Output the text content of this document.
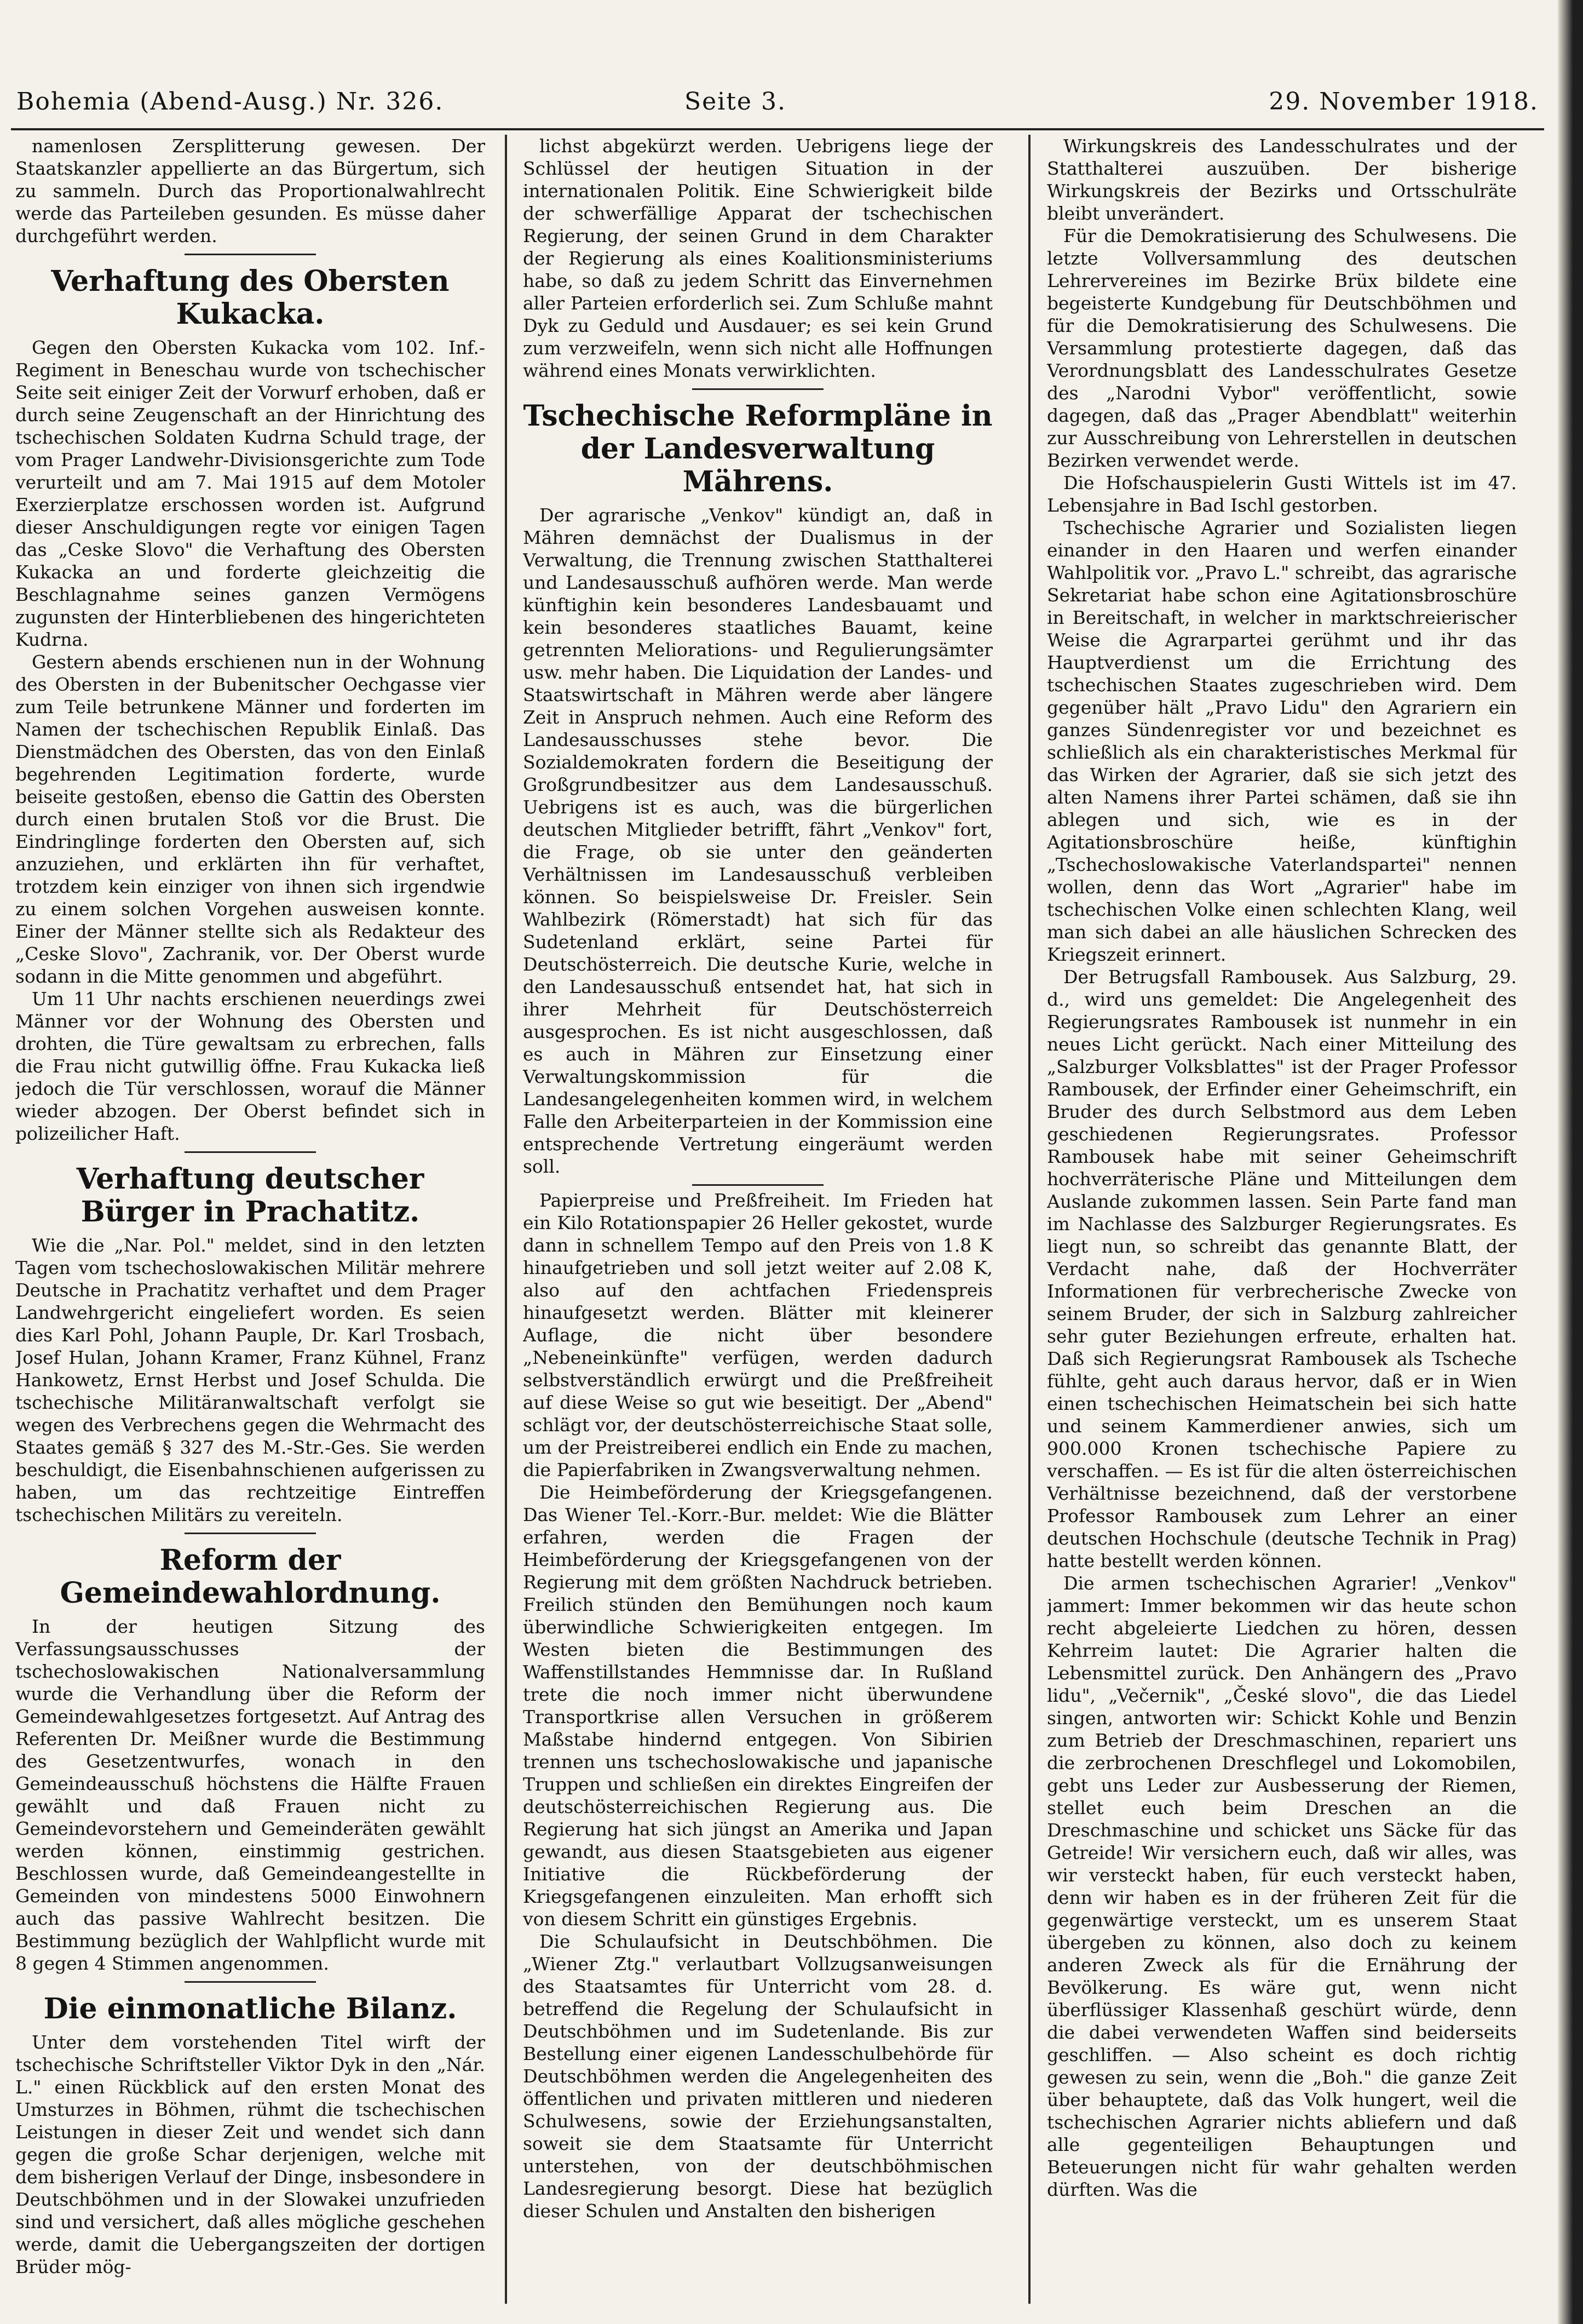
Bohemia (Abend-Ausg.) Nr. 326.	Seite 3.	29. November 1918.

namenlosen Zersplitterung gewesen. Der Staatskanzler appellierte an das Bürgertum, sich zu sammeln. Durch das Proportionalwahlrecht werde das Parteileben gesunden. Es müsse daher durchgeführt werden.

Verhaftung des Obersten Kukacka.

Gegen den Obersten Kukacka vom 102. Inf.-Regiment in Beneschau wurde von tschechischer Seite seit einiger Zeit der Vorwurf erhoben, daß er durch seine Zeugenschaft an der Hinrichtung des tschechischen Soldaten Kudrna Schuld trage, der vom Prager Landwehr-Divisionsgerichte zum Tode verurteilt und am 7. Mai 1915 auf dem Motoler Exerzierplatze erschossen worden ist. Aufgrund dieser Anschuldigungen regte vor einigen Tagen das „Ceske Slovo" die Verhaftung des Obersten Kukacka an und forderte gleichzeitig die Beschlagnahme seines ganzen Vermögens zugunsten der Hinterbliebenen des hingerichteten Kudrna.

Gestern abends erschienen nun in der Wohnung des Obersten in der Bubenitscher Oechgasse vier zum Teile betrunkene Männer und forderten im Namen der tschechischen Republik Einlaß. Das Dienstmädchen des Obersten, das von den Einlaß begehrenden Legitimation forderte, wurde beiseite gestoßen, ebenso die Gattin des Obersten durch einen brutalen Stoß vor die Brust. Die Eindringlinge forderten den Obersten auf, sich anzuziehen, und erklärten ihn für verhaftet, trotzdem kein einziger von ihnen sich irgendwie zu einem solchen Vorgehen ausweisen konnte. Einer der Männer stellte sich als Redakteur des „Ceske Slovo", Zachranik, vor. Der Oberst wurde sodann in die Mitte genommen und abgeführt.

Um 11 Uhr nachts erschienen neuerdings zwei Männer vor der Wohnung des Obersten und drohten, die Türe gewaltsam zu erbrechen, falls die Frau nicht gutwillig öffne. Frau Kukacka ließ jedoch die Tür verschlossen, worauf die Männer wieder abzogen. Der Oberst befindet sich in polizeilicher Haft.

Verhaftung deutscher Bürger in Prachatitz.

Wie die „Nar. Pol." meldet, sind in den letzten Tagen vom tschechoslowakischen Militär mehrere Deutsche in Prachatitz verhaftet und dem Prager Landwehrgericht eingeliefert worden. Es seien dies Karl Pohl, Johann Pauple, Dr. Karl Trosbach, Josef Hulan, Johann Kramer, Franz Kühnel, Franz Hankowetz, Ernst Herbst und Josef Schulda. Die tschechische Militäranwaltschaft verfolgt sie wegen des Verbrechens gegen die Wehrmacht des Staates gemäß § 327 des M.-Str.-Ges. Sie werden beschuldigt, die Eisenbahnschienen aufgerissen zu haben, um das rechtzeitige Eintreffen tschechischen Militärs zu vereiteln.

Reform der Gemeindewahlordnung.

In der heutigen Sitzung des Verfassungsausschusses der tschechoslowakischen Nationalversammlung wurde die Verhandlung über die Reform der Gemeindewahlgesetzes fortgesetzt. Auf Antrag des Referenten Dr. Meißner wurde die Bestimmung des Gesetzentwurfes, wonach in den Gemeindeausschuß höchstens die Hälfte Frauen gewählt und daß Frauen nicht zu Gemeindevorstehern und Gemeinderäten gewählt werden können, einstimmig gestrichen. Beschlossen wurde, daß Gemeindeangestellte in Gemeinden von mindestens 5000 Einwohnern auch das passive Wahlrecht besitzen. Die Bestimmung bezüglich der Wahlpflicht wurde mit 8 gegen 4 Stimmen angenommen.

Die einmonatliche Bilanz.

Unter dem vorstehenden Titel wirft der tschechische Schriftsteller Viktor Dyk in den „Nár. L." einen Rückblick auf den ersten Monat des Umsturzes in Böhmen, rühmt die tschechischen Leistungen in dieser Zeit und wendet sich dann gegen die große Schar derjenigen, welche mit dem bisherigen Verlauf der Dinge, insbesondere in Deutschböhmen und in der Slowakei unzufrieden sind und versichert, daß alles mögliche geschehen werde, damit die Uebergangszeiten der dortigen Brüder mög-

lichst abgekürzt werden. Uebrigens liege der Schlüssel der heutigen Situation in der internationalen Politik. Eine Schwierigkeit bilde der schwerfällige Apparat der tschechischen Regierung, der seinen Grund in dem Charakter der Regierung als eines Koalitionsministeriums habe, so daß zu jedem Schritt das Einvernehmen aller Parteien erforderlich sei. Zum Schluße mahnt Dyk zu Geduld und Ausdauer; es sei kein Grund zum verzweifeln, wenn sich nicht alle Hoffnungen während eines Monats verwirklichten.

Tschechische Reformpläne in der Landesverwaltung Mährens.

Der agrarische „Venkov" kündigt an, daß in Mähren demnächst der Dualismus in der Verwaltung, die Trennung zwischen Statthalterei und Landesausschuß aufhören werde. Man werde künftighin kein besonderes Landesbauamt und kein besonderes staatliches Bauamt, keine getrennten Meliorations- und Regulierungsämter usw. mehr haben. Die Liquidation der Landes- und Staatswirtschaft in Mähren werde aber längere Zeit in Anspruch nehmen. Auch eine Reform des Landesausschusses stehe bevor. Die Sozialdemokraten fordern die Beseitigung der Großgrundbesitzer aus dem Landesausschuß. Uebrigens ist es auch, was die bürgerlichen deutschen Mitglieder betrifft, fährt „Venkov" fort, die Frage, ob sie unter den geänderten Verhältnissen im Landesausschuß verbleiben können. So beispielsweise Dr. Freisler. Sein Wahlbezirk (Römerstadt) hat sich für das Sudetenland erklärt, seine Partei für Deutschösterreich. Die deutsche Kurie, welche in den Landesausschuß entsendet hat, hat sich in ihrer Mehrheit für Deutschösterreich ausgesprochen. Es ist nicht ausgeschlossen, daß es auch in Mähren zur Einsetzung einer Verwaltungskommission für die Landesangelegenheiten kommen wird, in welchem Falle den Arbeiterparteien in der Kommission eine entsprechende Vertretung eingeräumt werden soll.

Papierpreise und Preßfreiheit. Im Frieden hat ein Kilo Rotationspapier 26 Heller gekostet, wurde dann in schnellem Tempo auf den Preis von 1.8 K hinaufgetrieben und soll jetzt weiter auf 2.08 K, also auf den achtfachen Friedenspreis hinaufgesetzt werden. Blätter mit kleinerer Auflage, die nicht über besondere „Nebeneinkünfte" verfügen, werden dadurch selbstverständlich erwürgt und die Preßfreiheit auf diese Weise so gut wie beseitigt. Der „Abend" schlägt vor, der deutschösterreichische Staat solle, um der Preistreiberei endlich ein Ende zu machen, die Papierfabriken in Zwangsverwaltung nehmen.

Die Heimbeförderung der Kriegsgefangenen. Das Wiener Tel.-Korr.-Bur. meldet: Wie die Blätter erfahren, werden die Fragen der Heimbeförderung der Kriegsgefangenen von der Regierung mit dem größten Nachdruck betrieben. Freilich stünden den Bemühungen noch kaum überwindliche Schwierigkeiten entgegen. Im Westen bieten die Bestimmungen des Waffenstillstandes Hemmnisse dar. In Rußland trete die noch immer nicht überwundene Transportkrise allen Versuchen in größerem Maßstabe hindernd entgegen. Von Sibirien trennen uns tschechoslowakische und japanische Truppen und schließen ein direktes Eingreifen der deutschösterreichischen Regierung aus. Die Regierung hat sich jüngst an Amerika und Japan gewandt, aus diesen Staatsgebieten aus eigener Initiative die Rückbeförderung der Kriegsgefangenen einzuleiten. Man erhofft sich von diesem Schritt ein günstiges Ergebnis.

Die Schulaufsicht in Deutschböhmen. Die „Wiener Ztg." verlautbart Vollzugsanweisungen des Staatsamtes für Unterricht vom 28. d. betreffend die Regelung der Schulaufsicht in Deutschböhmen und im Sudetenlande. Bis zur Bestellung einer eigenen Landesschulbehörde für Deutschböhmen werden die Angelegenheiten des öffentlichen und privaten mittleren und niederen Schulwesens, sowie der Erziehungsanstalten, soweit sie dem Staatsamte für Unterricht unterstehen, von der deutschböhmischen Landesregierung besorgt. Diese hat bezüglich dieser Schulen und Anstalten den bisherigen

Wirkungskreis des Landesschulrates und der Statthalterei auszuüben. Der bisherige Wirkungskreis der Bezirks und Ortsschulräte bleibt unverändert.

Für die Demokratisierung des Schulwesens. Die letzte Vollversammlung des deutschen Lehrervereines im Bezirke Brüx bildete eine begeisterte Kundgebung für Deutschböhmen und für die Demokratisierung des Schulwesens. Die Versammlung protestierte dagegen, daß das Verordnungsblatt des Landesschulrates Gesetze des „Narodni Vybor" veröffentlicht, sowie dagegen, daß das „Prager Abendblatt" weiterhin zur Ausschreibung von Lehrerstellen in deutschen Bezirken verwendet werde.

Die Hofschauspielerin Gusti Wittels ist im 47. Lebensjahre in Bad Ischl gestorben.

Tschechische Agrarier und Sozialisten liegen einander in den Haaren und werfen einander Wahlpolitik vor. „Pravo L." schreibt, das agrarische Sekretariat habe schon eine Agitationsbroschüre in Bereitschaft, in welcher in marktschreierischer Weise die Agrarpartei gerühmt und ihr das Hauptverdienst um die Errichtung des tschechischen Staates zugeschrieben wird. Dem gegenüber hält „Pravo Lidu" den Agrariern ein ganzes Sündenregister vor und bezeichnet es schließlich als ein charakteristisches Merkmal für das Wirken der Agrarier, daß sie sich jetzt des alten Namens ihrer Partei schämen, daß sie ihn ablegen und sich, wie es in der Agitationsbroschüre heiße, künftighin „Tschechoslowakische Vaterlandspartei" nennen wollen, denn das Wort „Agrarier" habe im tschechischen Volke einen schlechten Klang, weil man sich dabei an alle häuslichen Schrecken des Kriegszeit erinnert.

Der Betrugsfall Rambousek. Aus Salzburg, 29. d., wird uns gemeldet: Die Angelegenheit des Regierungsrates Rambousek ist nunmehr in ein neues Licht gerückt. Nach einer Mitteilung des „Salzburger Volksblattes" ist der Prager Professor Rambousek, der Erfinder einer Geheimschrift, ein Bruder des durch Selbstmord aus dem Leben geschiedenen Regierungsrates. Professor Rambousek habe mit seiner Geheimschrift hochverräterische Pläne und Mitteilungen dem Auslande zukommen lassen. Sein Parte fand man im Nachlasse des Salzburger Regierungsrates. Es liegt nun, so schreibt das genannte Blatt, der Verdacht nahe, daß der Hochverräter Informationen für verbrecherische Zwecke von seinem Bruder, der sich in Salzburg zahlreicher sehr guter Beziehungen erfreute, erhalten hat. Daß sich Regierungsrat Rambousek als Tscheche fühlte, geht auch daraus hervor, daß er in Wien einen tschechischen Heimatschein bei sich hatte und seinem Kammerdiener anwies, sich um 900.000 Kronen tschechische Papiere zu verschaffen. — Es ist für die alten österreichischen Verhältnisse bezeichnend, daß der verstorbene Professor Rambousek zum Lehrer an einer deutschen Hochschule (deutsche Technik in Prag) hatte bestellt werden können.

Die armen tschechischen Agrarier! „Venkov" jammert: Immer bekommen wir das heute schon recht abgeleierte Liedchen zu hören, dessen Kehrreim lautet: Die Agrarier halten die Lebensmittel zurück. Den Anhängern des „Pravo lidu", „Večernik", „České slovo", die das Liedel singen, antworten wir: Schickt Kohle und Benzin zum Betrieb der Dreschmaschinen, repariert uns die zerbrochenen Dreschflegel und Lokomobilen, gebt uns Leder zur Ausbesserung der Riemen, stellet euch beim Dreschen an die Dreschmaschine und schicket uns Säcke für das Getreide! Wir versichern euch, daß wir alles, was wir versteckt haben, für euch versteckt haben, denn wir haben es in der früheren Zeit für die gegenwärtige versteckt, um es unserem Staat übergeben zu können, also doch zu keinem anderen Zweck als für die Ernährung der Bevölkerung. Es wäre gut, wenn nicht überflüssiger Klassenhaß geschürt würde, denn die dabei verwendeten Waffen sind beiderseits geschliffen. — Also scheint es doch richtig gewesen zu sein, wenn die „Boh." die ganze Zeit über behauptete, daß das Volk hungert, weil die tschechischen Agrarier nichts abliefern und daß alle gegenteiligen Behauptungen und Beteuerungen nicht für wahr gehalten werden dürften. Was die
